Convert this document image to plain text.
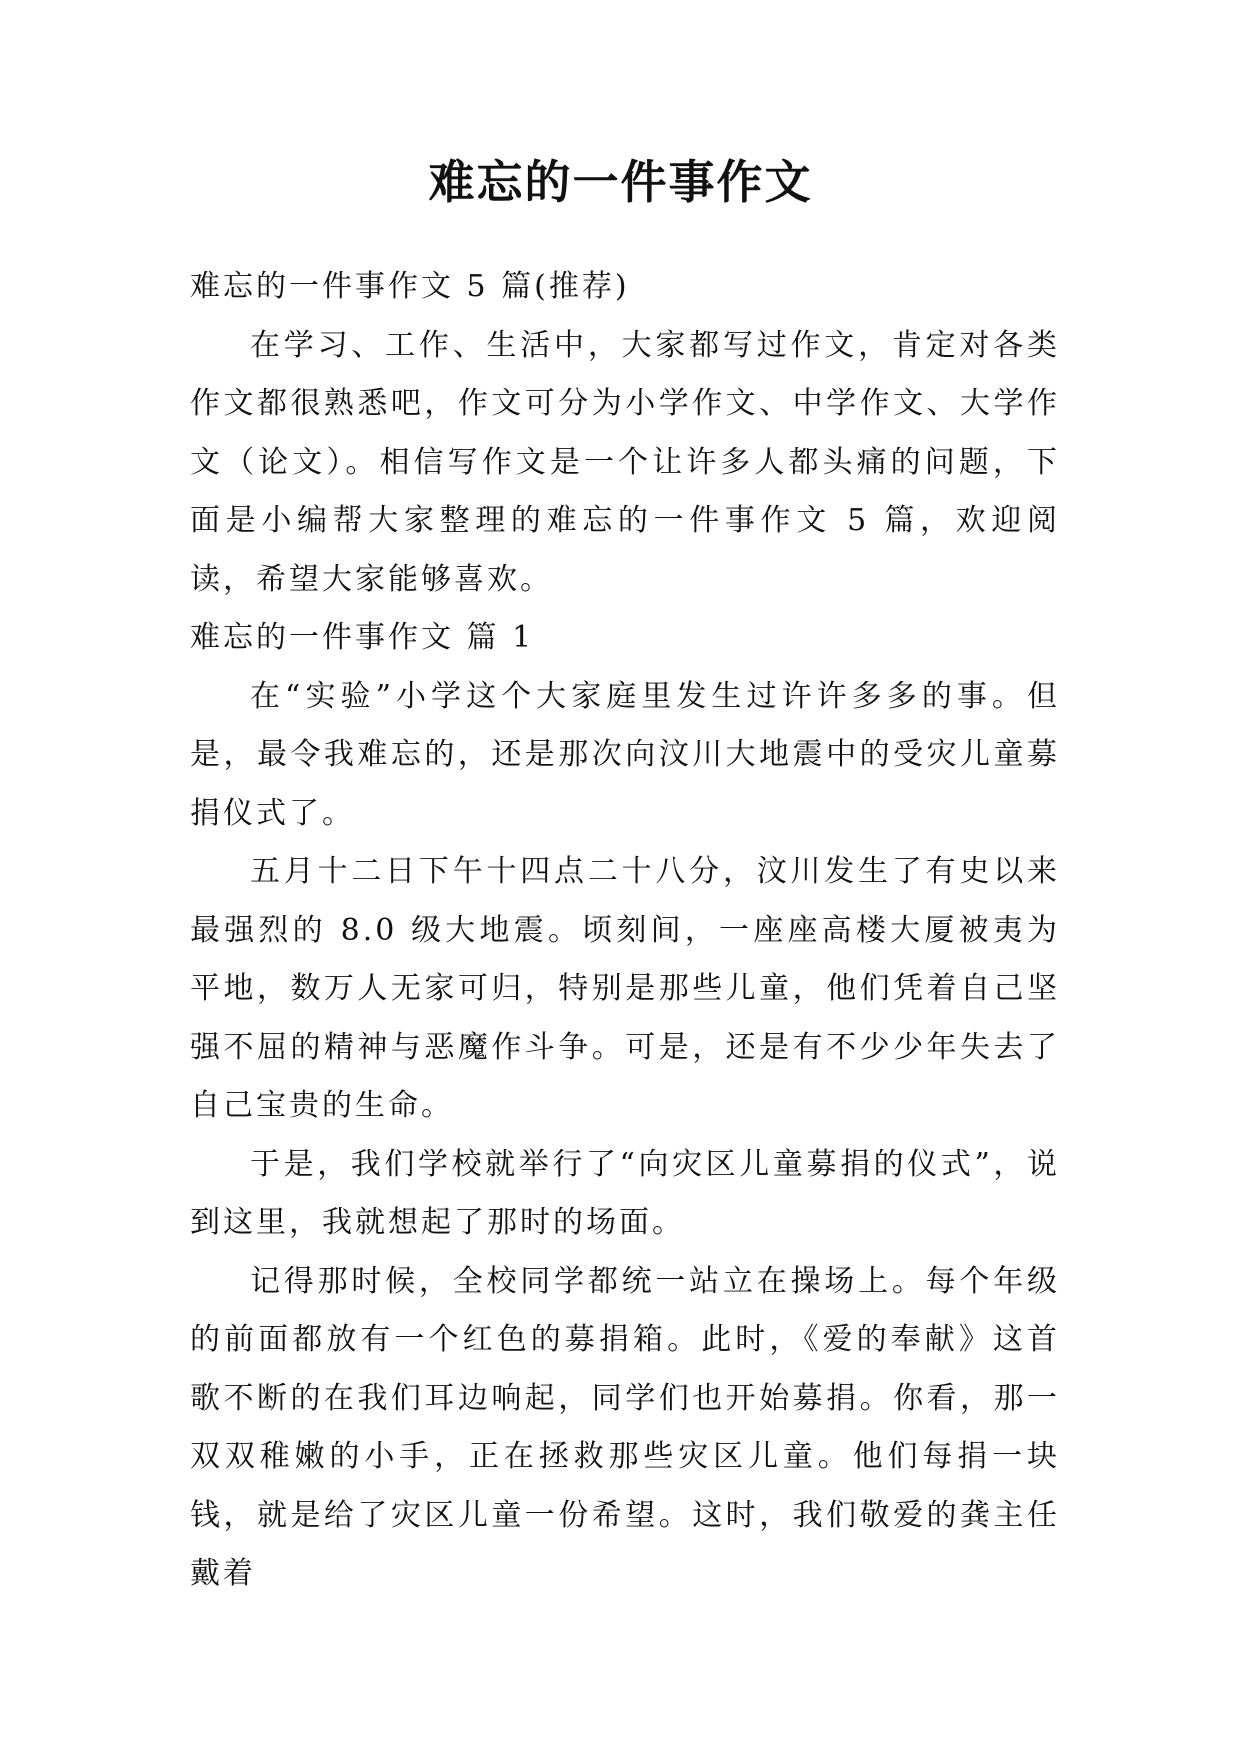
难忘的一件事作文

难忘的一件事作文 5 篇(推荐)

在学习、工作、生活中，大家都写过作文，肯定对各类作文都很熟悉吧，作文可分为小学作文、中学作文、大学作文（论文）。相信写作文是一个让许多人都头痛的问题，下面是小编帮大家整理的难忘的一件事作文 5 篇，欢迎阅读，希望大家能够喜欢。

难忘的一件事作文 篇 1

在“实验”小学这个大家庭里发生过许许多多的事。但是，最令我难忘的，还是那次向汶川大地震中的受灾儿童募捐仪式了。

五月十二日下午十四点二十八分，汶川发生了有史以来最强烈的 8.0 级大地震。顷刻间，一座座高楼大厦被夷为平地，数万人无家可归，特别是那些儿童，他们凭着自己坚强不屈的精神与恶魔作斗争。可是，还是有不少少年失去了自己宝贵的生命。

于是，我们学校就举行了“向灾区儿童募捐的仪式”，说到这里，我就想起了那时的场面。

记得那时候，全校同学都统一站立在操场上。每个年级的前面都放有一个红色的募捐箱。此时，《爱的奉献》这首歌不断的在我们耳边响起，同学们也开始募捐。你看，那一双双稚嫩的小手，正在拯救那些灾区儿童。他们每捐一块钱，就是给了灾区儿童一份希望。这时，我们敬爱的龚主任戴着
